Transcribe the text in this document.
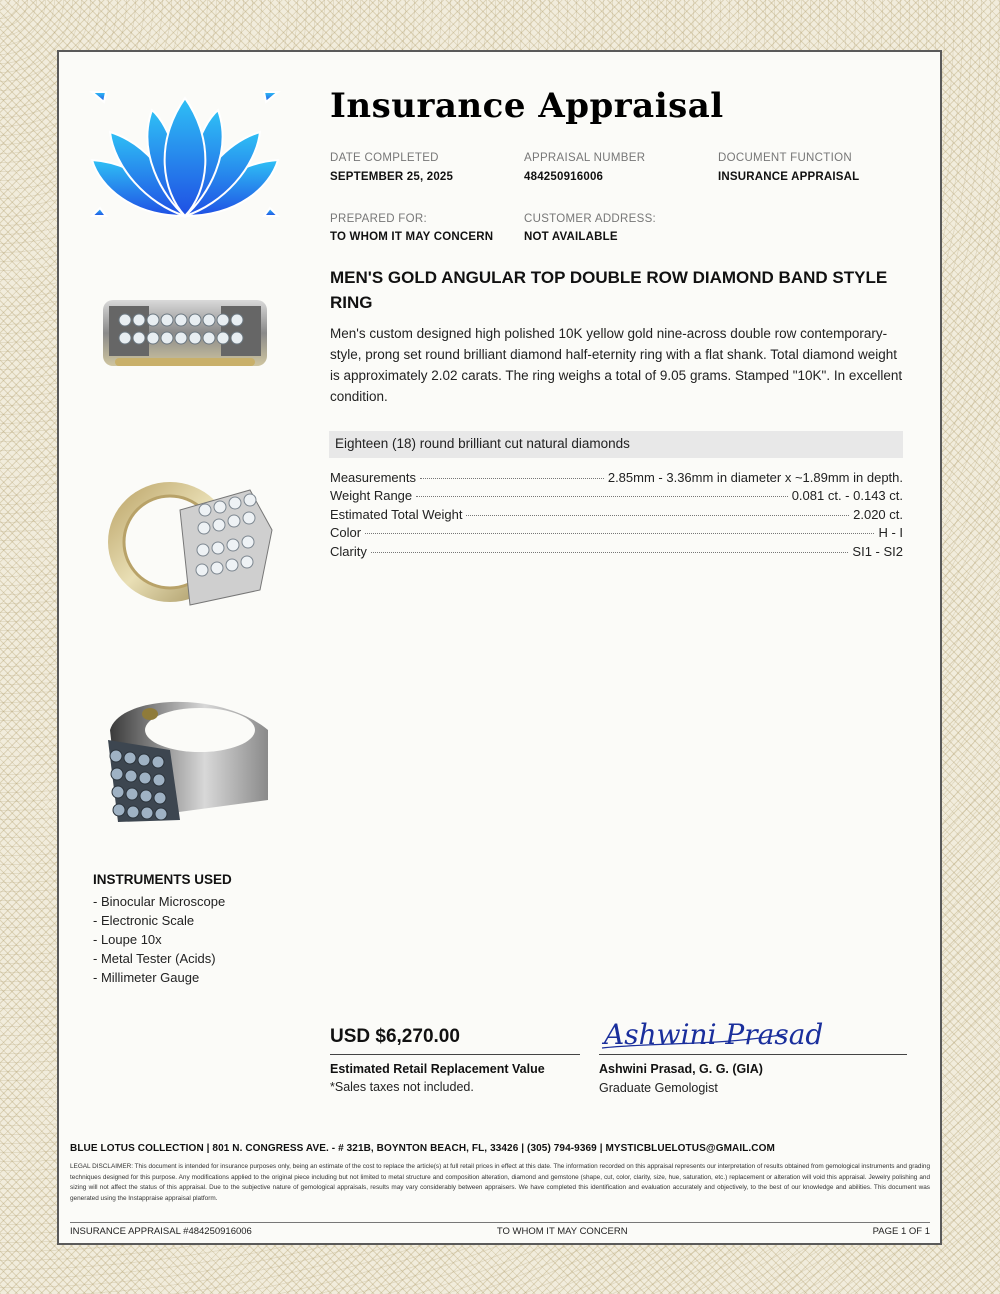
Insurance Appraisal
DATE COMPLETED
SEPTEMBER 25, 2025
APPRAISAL NUMBER
484250916006
DOCUMENT FUNCTION
INSURANCE APPRAISAL
PREPARED FOR:
TO WHOM IT MAY CONCERN
CUSTOMER ADDRESS:
NOT AVAILABLE
MEN'S GOLD ANGULAR TOP DOUBLE ROW DIAMOND BAND STYLE RING

Men's custom designed high polished 10K yellow gold nine-across double row contemporary-style, prong set round brilliant diamond half-eternity ring with a flat shank. Total diamond weight is approximately 2.02 carats. The ring weighs a total of 9.05 grams. Stamped "10K". In excellent condition.

Eighteen (18) round brilliant cut natural diamonds
Measurements	2.85mm - 3.36mm in diameter x ~1.89mm in depth.
Weight Range	0.081 ct. - 0.143 ct.
Estimated Total Weight	2.020 ct.
Color	H - I
Clarity	SI1 - SI2
INSTRUMENTS USED
- Binocular Microscope
- Electronic Scale
- Loupe 10x
- Metal Tester (Acids)
- Millimeter Gauge
USD $6,270.00
Estimated Retail Replacement Value
*Sales taxes not included.
Ashwini Prasad
Ashwini Prasad, G. G. (GIA)
Graduate Gemologist
BLUE LOTUS COLLECTION | 801 N. CONGRESS AVE. - # 321B, BOYNTON BEACH, FL, 33426 | (305) 794-9369 | MYSTICBLUELOTUS@GMAIL.COM
LEGAL DISCLAIMER: This document is intended for insurance purposes only, being an estimate of the cost to replace the article(s) at full retail prices in effect at this date. The information recorded on this appraisal represents our interpretation of results obtained from gemological instruments and grading techniques designed for this purpose. Any modifications applied to the original piece including but not limited to metal structure and composition alteration, diamond and gemstone (shape, cut, color, clarity, size, hue, saturation, etc.) replacement or alteration will void this appraisal. Jewelry polishing and sizing will not affect the status of this appraisal. Due to the subjective nature of gemological appraisals, results may vary considerably between appraisers. We have completed this identification and evaluation accurately and objectively, to the best of our knowledge and abilities. This document was generated using the Instappraise appraisal platform.
INSURANCE APPRAISAL #484250916006	TO WHOM IT MAY CONCERN	PAGE 1 OF 1
